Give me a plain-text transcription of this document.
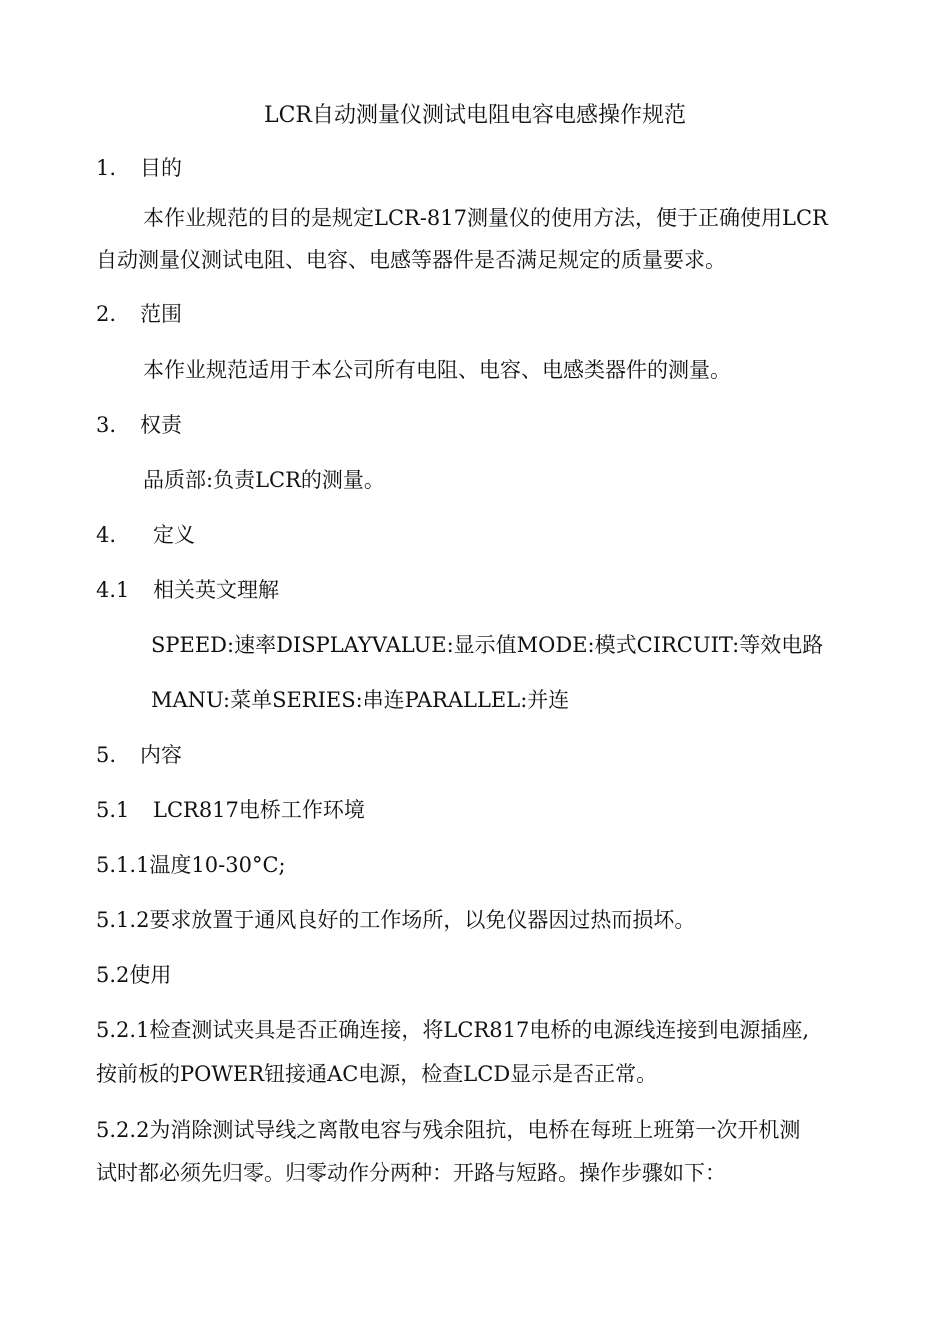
LCR自动测量仪测试电阻电容电感操作规范
1. 目的
本作业规范的目的是规定LCR-817测量仪的使用方法，便于正确使用LCR
自动测量仪测试电阻、电容、电感等器件是否满足规定的质量要求。
2. 范围
本作业规范适用于本公司所有电阻、电容、电感类器件的测量。
3. 权责
品质部:负责LCR的测量。
4. 定义
4.1 相关英文理解
SPEED:速率DISPLAYVALUE:显示值MODE:模式CIRCUIT:等效电路
MANU:菜单SERIES:串连PARALLEL:并连
5. 内容
5.1 LCR817电桥工作环境
5.1.1温度10-30°C;
5.1.2要求放置于通风良好的工作场所，以免仪器因过热而损坏。
5.2使用
5.2.1检查测试夹具是否正确连接，将LCR817电桥的电源线连接到电源插座,
按前板的POWER钮接通AC电源，检查LCD显示是否正常。
5.2.2为消除测试导线之离散电容与残余阻抗，电桥在每班上班第一次开机测
试时都必须先归零。归零动作分两种：开路与短路。操作步骤如下：
